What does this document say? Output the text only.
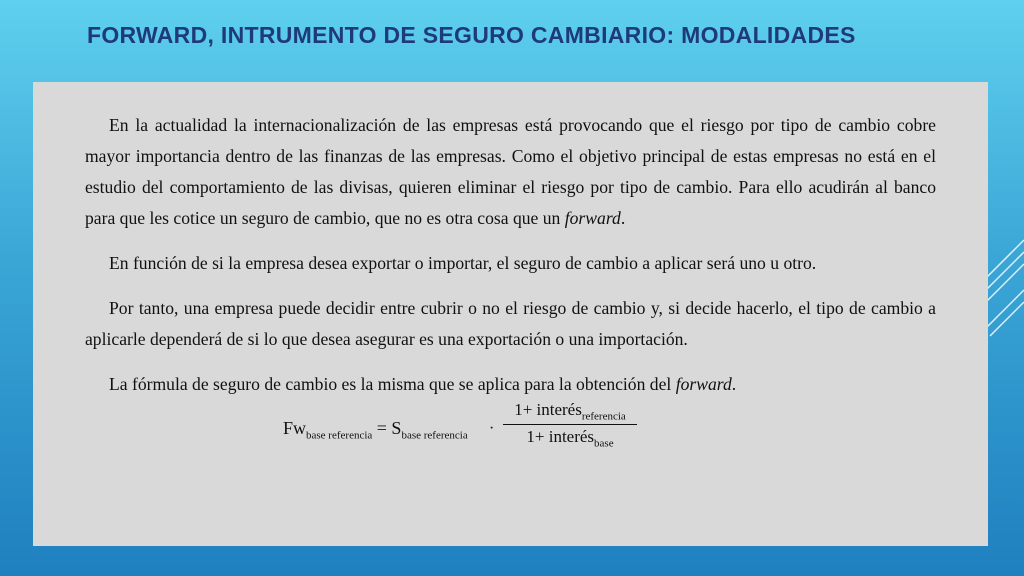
FORWARD, INTRUMENTO DE SEGURO CAMBIARIO: MODALIDADES

En la actualidad la internacionalización de las empresas está provocando que el riesgo por tipo de cambio cobre mayor importancia dentro de las finanzas de las empresas. Como el objetivo principal de estas empresas no está en el estudio del comportamiento de las divisas, quieren eliminar el riesgo por tipo de cambio. Para ello acudirán al banco para que les cotice un seguro de cambio, que no es otra cosa que un forward.

En función de si la empresa desea exportar o importar, el seguro de cambio a aplicar será uno u otro.

Por tanto, una empresa puede decidir entre cubrir o no el riesgo de cambio y, si decide hacerlo, el tipo de cambio a aplicarle dependerá de si lo que desea asegurar es una exportación o una importación.

La fórmula de seguro de cambio es la misma que se aplica para la obtención del forward.

$Fw_{base referencia} = S_{base referencia}$ ·
1+ interés$_{referencia}$
1+ interés$_{base}$
